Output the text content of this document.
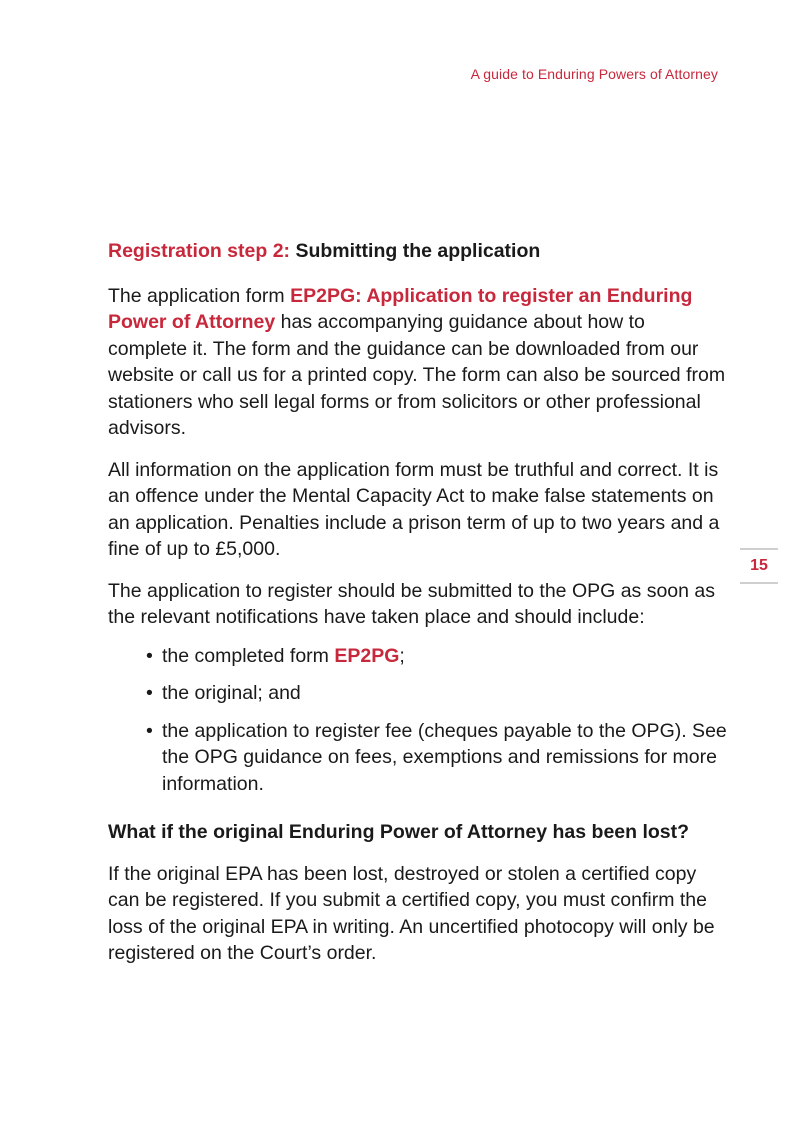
A guide to Enduring Powers of Attorney
15
Registration step 2: Submitting the application

The application form EP2PG: Application to register an Enduring Power of Attorney has accompanying guidance about how to complete it. The form and the guidance can be downloaded from our website or call us for a printed copy. The form can also be sourced from stationers who sell legal forms or from solicitors or other professional advisors.

All information on the application form must be truthful and correct. It is an offence under the Mental Capacity Act to make false statements on an application. Penalties include a prison term of up to two years and a fine of up to £5,000.

The application to register should be submitted to the OPG as soon as the relevant notifications have taken place and should include:

• the completed form EP2PG;
• the original; and
• the application to register fee (cheques payable to the OPG). See the OPG guidance on fees, exemptions and remissions for more information.
What if the original Enduring Power of Attorney has been lost?

If the original EPA has been lost, destroyed or stolen a certified copy can be registered. If you submit a certified copy, you must confirm the loss of the original EPA in writing. An uncertified photocopy will only be registered on the Court’s order.
